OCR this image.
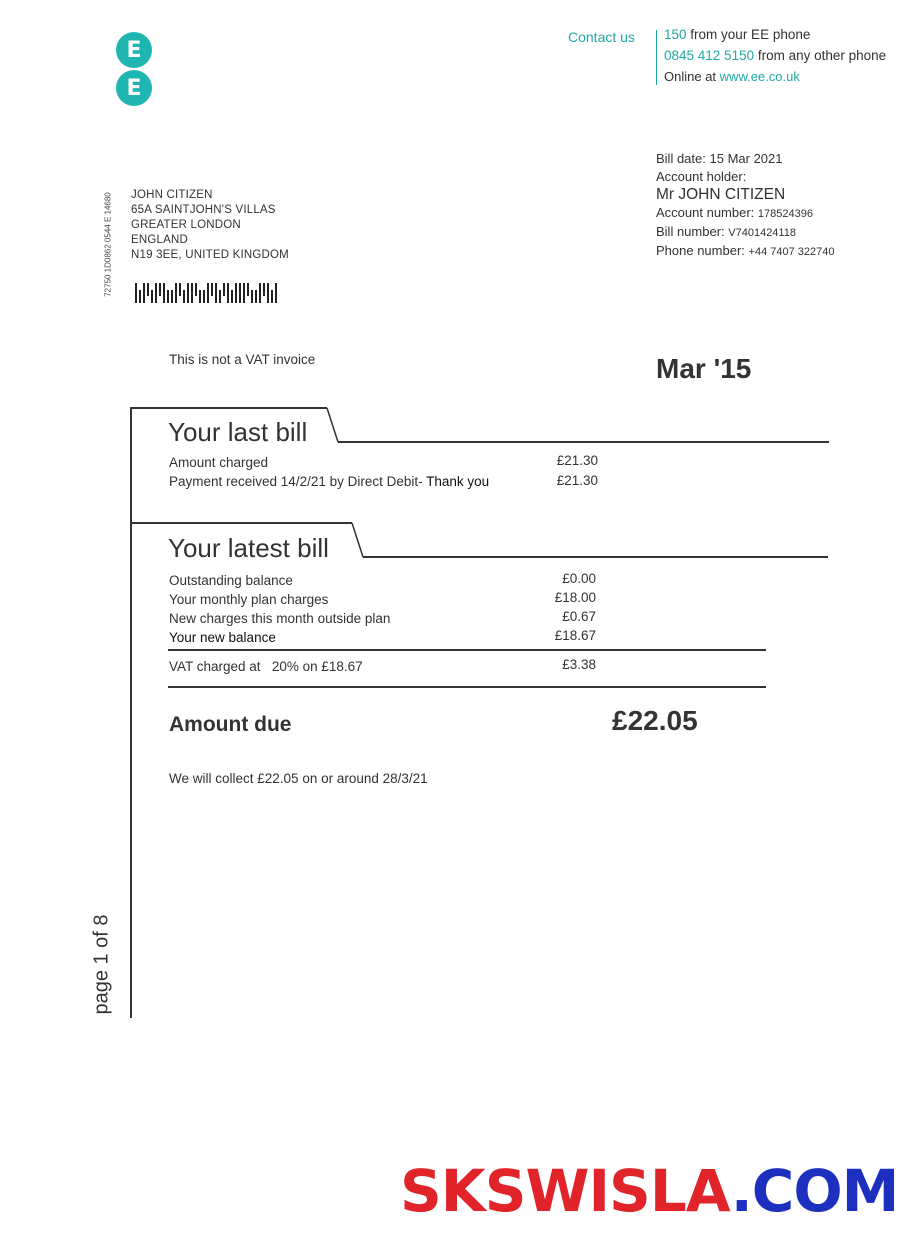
E
E
Contact us 150 from your EE phone
0845 412 5150 from any other phone
Online at www.ee.co.uk
Bill date: 15 Mar 2021
Account holder:
Mr JOHN CITIZEN
Account number: 178524396
Bill number: V7401424118
Phone number: +44 7407 322740
72750 1D0862 0544 E 14680 JOHN CITIZEN
65A SAINTJOHN'S VILLAS
GREATER LONDON
ENGLAND
N19 3EE, UNITED KINGDOM
This is not a VAT invoice	Mar '15
Your last bill
Amount charged	£21.30
Payment received 14/2/21 by Direct Debit- Thank you	£21.30
Your latest bill
Outstanding balance	£0.00
Your monthly plan charges	£18.00
New charges this month outside plan	£0.67
Your new balance	£18.67
VAT charged at 20% on £18.67	£3.38
Amount due	£22.05
We will collect £22.05 on or around 28/3/21
page 1 of 8
SKSWISLA.COM
